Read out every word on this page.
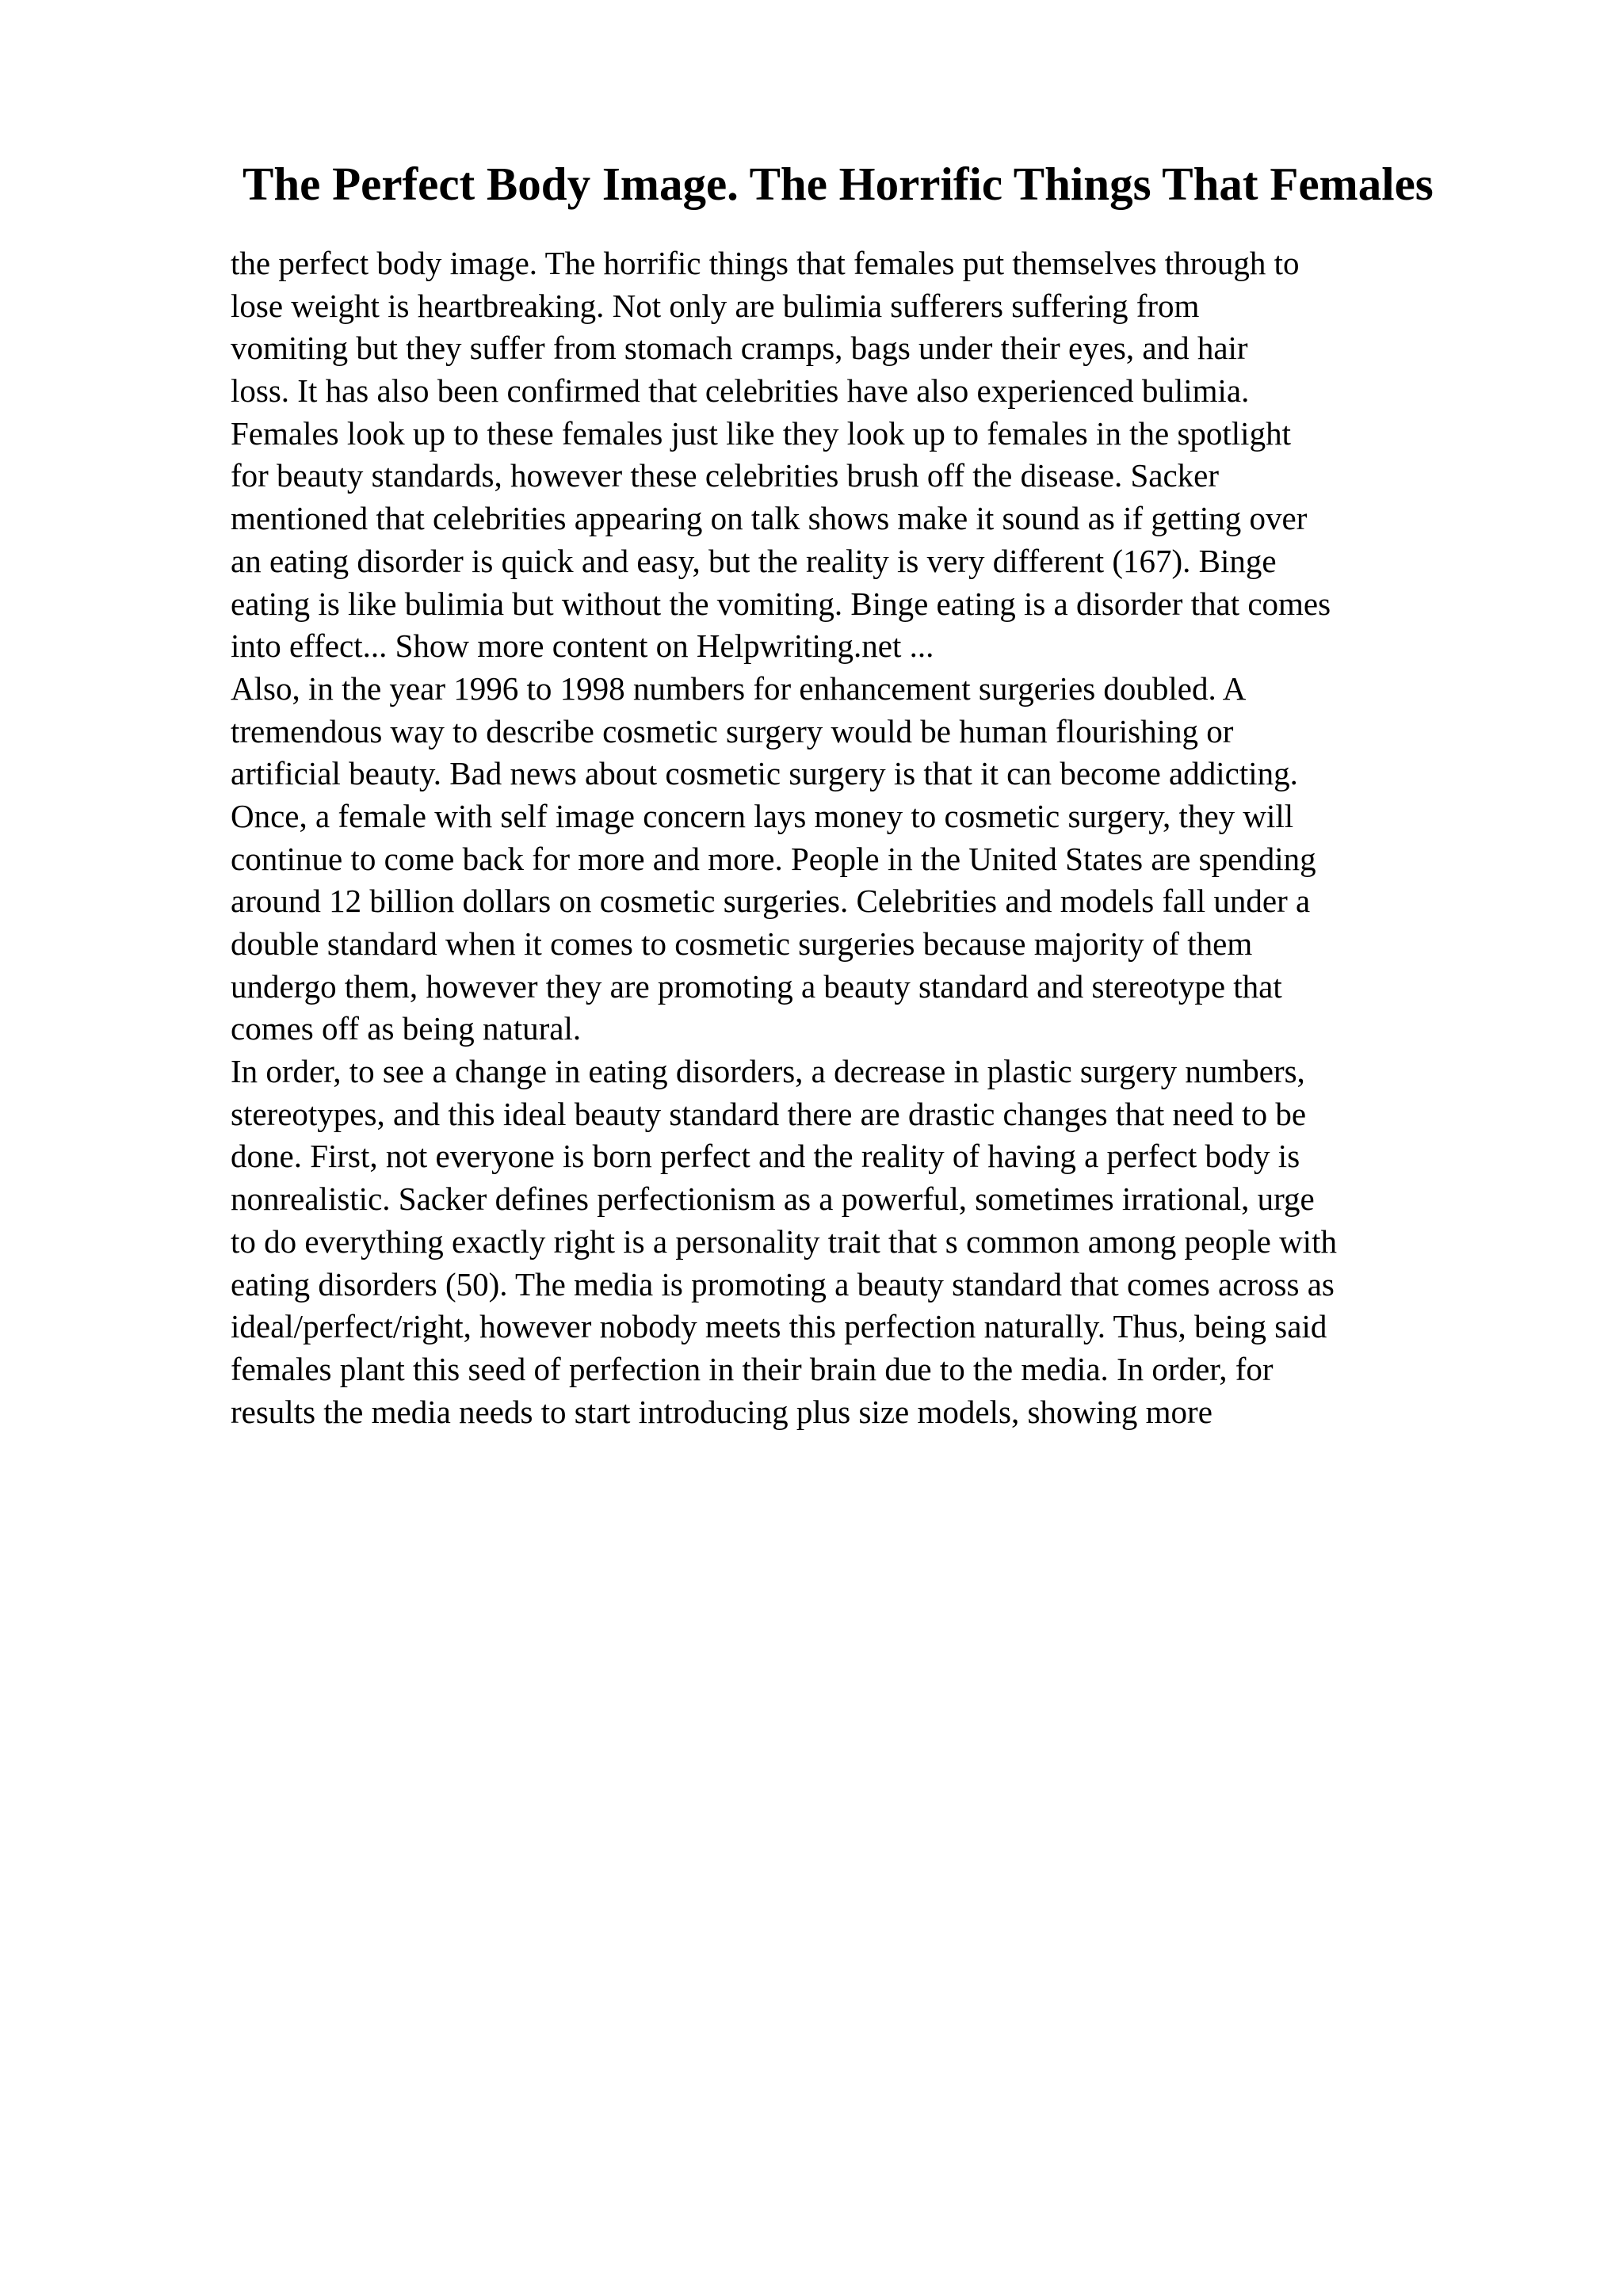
The Perfect Body Image. The Horrific Things That Females
the perfect body image. The horrific things that females put themselves through to
lose weight is heartbreaking. Not only are bulimia sufferers suffering from
vomiting but they suffer from stomach cramps, bags under their eyes, and hair
loss. It has also been confirmed that celebrities have also experienced bulimia.
Females look up to these females just like they look up to females in the spotlight
for beauty standards, however these celebrities brush off the disease. Sacker
mentioned that celebrities appearing on talk shows make it sound as if getting over
an eating disorder is quick and easy, but the reality is very different (167). Binge
eating is like bulimia but without the vomiting. Binge eating is a disorder that comes
into effect... Show more content on Helpwriting.net ...
Also, in the year 1996 to 1998 numbers for enhancement surgeries doubled. A
tremendous way to describe cosmetic surgery would be human flourishing or
artificial beauty. Bad news about cosmetic surgery is that it can become addicting.
Once, a female with self image concern lays money to cosmetic surgery, they will
continue to come back for more and more. People in the United States are spending
around 12 billion dollars on cosmetic surgeries. Celebrities and models fall under a
double standard when it comes to cosmetic surgeries because majority of them
undergo them, however they are promoting a beauty standard and stereotype that
comes off as being natural.
In order, to see a change in eating disorders, a decrease in plastic surgery numbers,
stereotypes, and this ideal beauty standard there are drastic changes that need to be
done. First, not everyone is born perfect and the reality of having a perfect body is
nonrealistic. Sacker defines perfectionism as a powerful, sometimes irrational, urge
to do everything exactly right is a personality trait that s common among people with
eating disorders (50). The media is promoting a beauty standard that comes across as
ideal/perfect/right, however nobody meets this perfection naturally. Thus, being said
females plant this seed of perfection in their brain due to the media. In order, for
results the media needs to start introducing plus size models, showing more
